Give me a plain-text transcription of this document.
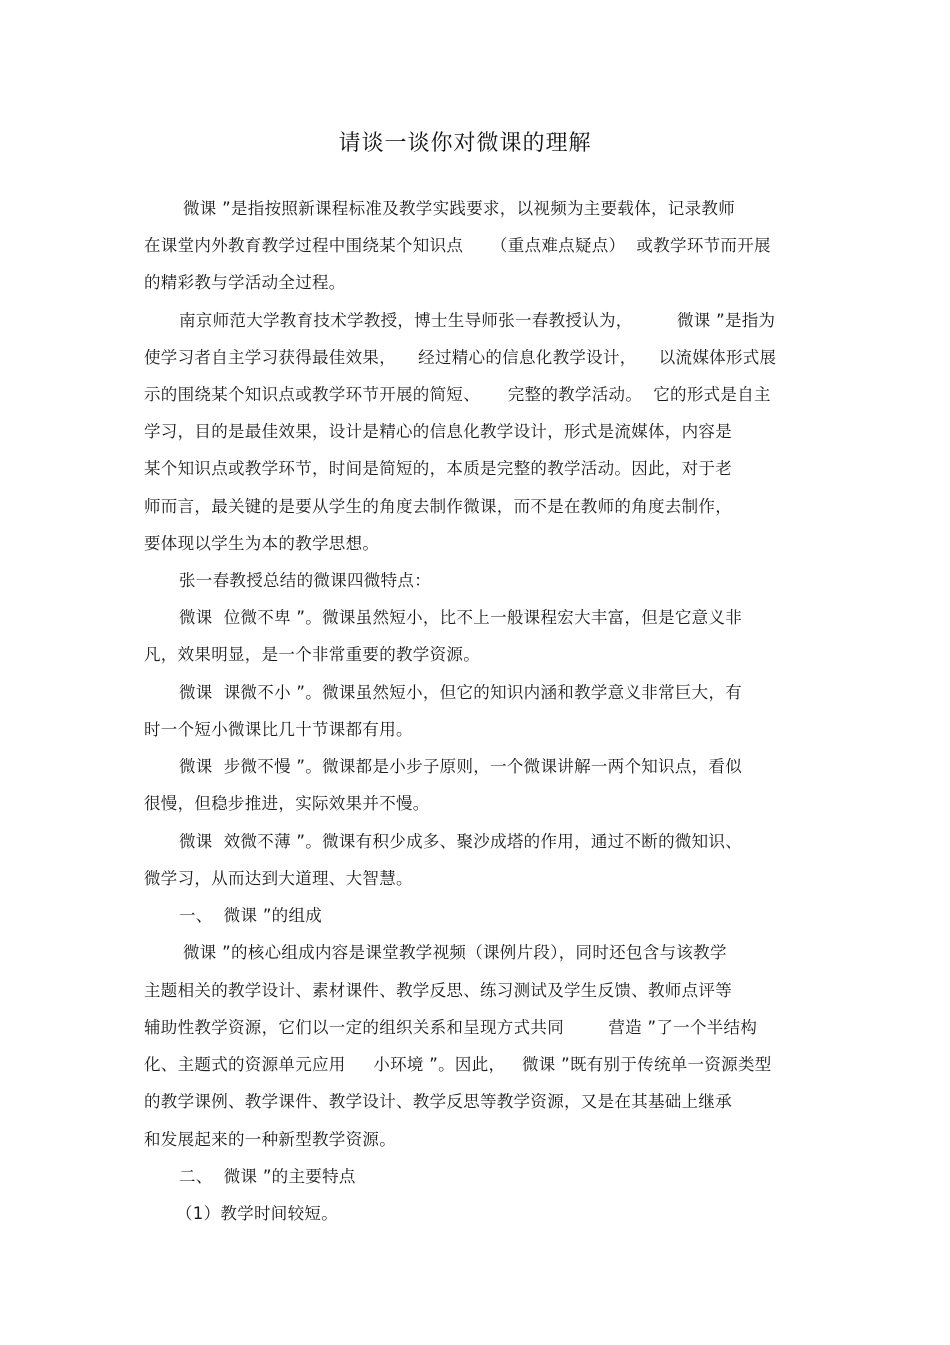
请谈一谈你对微课的理解
微课 ”是指按照新课程标准及教学实践要求，以视频为主要载体，记录教师
在课堂内外教育教学过程中围绕某个知识点     （重点难点疑点）  或教学环节而开展
的精彩教与学活动全过程。
南京师范大学教育技术学教授，博士生导师张一春教授认为，        微课 ”是指为
使学习者自主学习获得最佳效果，    经过精心的信息化教学设计，    以流媒体形式展
示的围绕某个知识点或教学环节开展的简短、     完整的教学活动。  它的形式是自主
学习，目的是最佳效果，设计是精心的信息化教学设计，形式是流媒体，内容是
某个知识点或教学环节，时间是简短的，本质是完整的教学活动。因此，对于老
师而言，最关键的是要从学生的角度去制作微课，而不是在教师的角度去制作，
要体现以学生为本的教学思想。
张一春教授总结的微课四微特点：
微课  位微不卑 ”。微课虽然短小，比不上一般课程宏大丰富，但是它意义非
凡，效果明显，是一个非常重要的教学资源。
微课  课微不小 ”。微课虽然短小，但它的知识内涵和教学意义非常巨大，有
时一个短小微课比几十节课都有用。
微课  步微不慢 ”。微课都是小步子原则，一个微课讲解一两个知识点，看似
很慢，但稳步推进，实际效果并不慢。
微课  效微不薄 ”。微课有积少成多、聚沙成塔的作用，通过不断的微知识、
微学习，从而达到大道理、大智慧。
一、  微课 ”的组成
微课 ”的核心组成内容是课堂教学视频（课例片段），同时还包含与该教学
主题相关的教学设计、素材课件、教学反思、练习测试及学生反馈、教师点评等
辅助性教学资源，它们以一定的组织关系和呈现方式共同        营造 ”了一个半结构
化、主题式的资源单元应用     小环境 ”。因此，   微课 ”既有别于传统单一资源类型
的教学课例、教学课件、教学设计、教学反思等教学资源，又是在其基础上继承
和发展起来的一种新型教学资源。
二、  微课 ”的主要特点
（1）教学时间较短。
